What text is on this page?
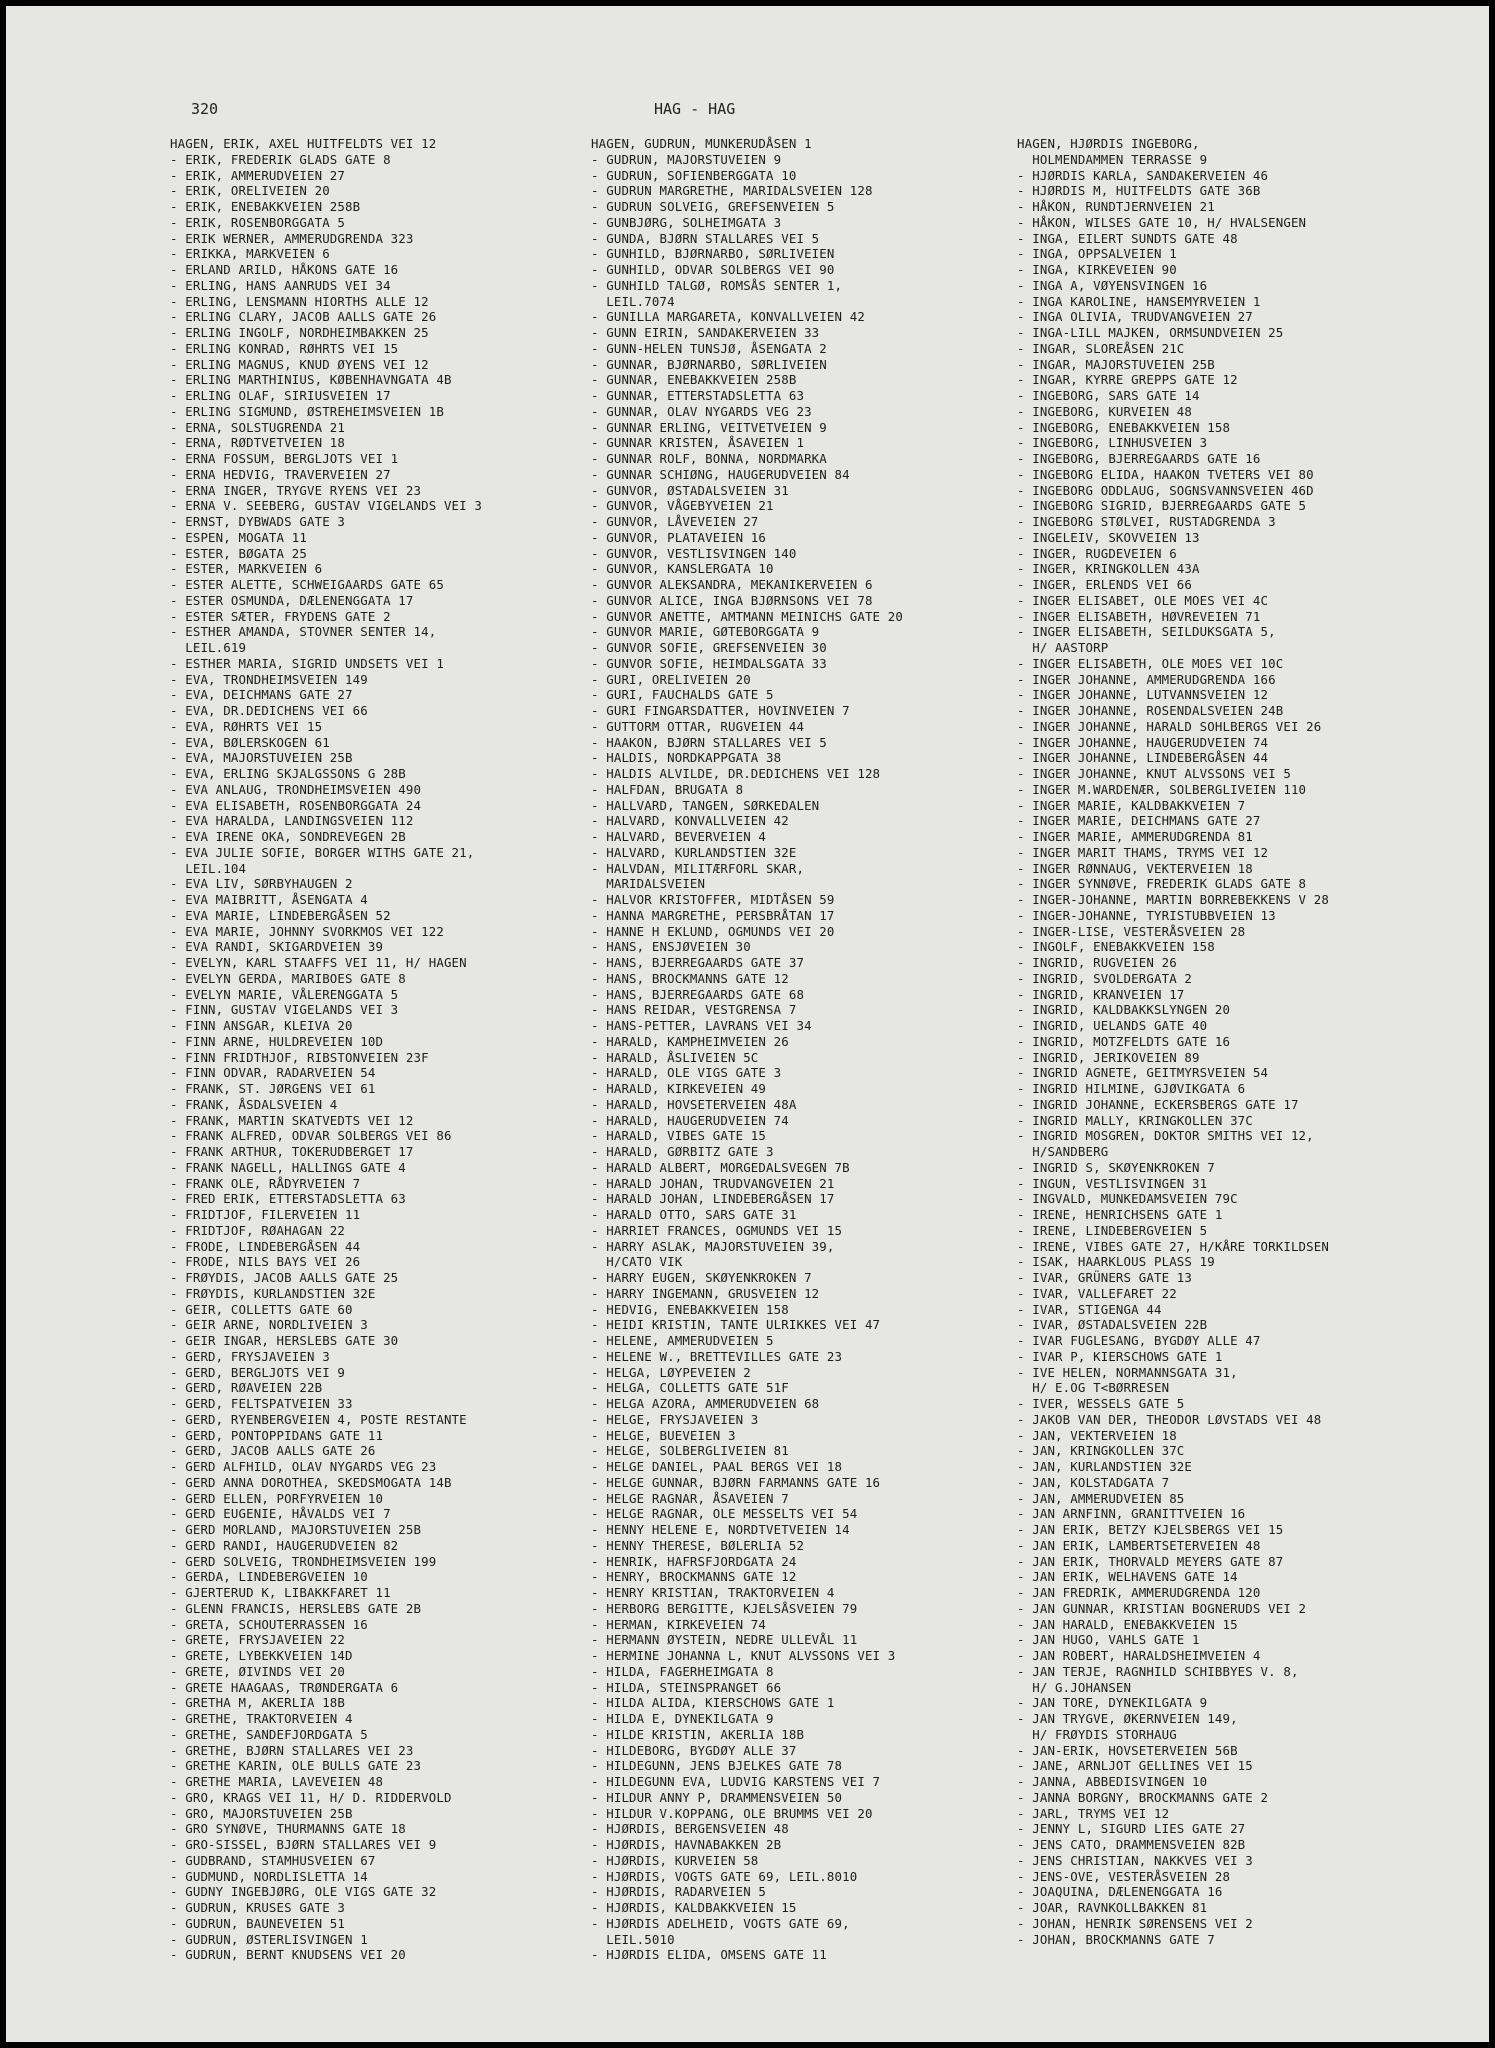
320	HAG - HAG
HAGEN, ERIK, AXEL HUITFELDTS VEI 12
- ERIK, FREDERIK GLADS GATE 8
- ERIK, AMMERUDVEIEN 27
- ERIK, ORELIVEIEN 20
- ERIK, ENEBAKKVEIEN 258B
- ERIK, ROSENBORGGATA 5
- ERIK WERNER, AMMERUDGRENDA 323
- ERIKKA, MARKVEIEN 6
- ERLAND ARILD, HÅKONS GATE 16
- ERLING, HANS AANRUDS VEI 34
- ERLING, LENSMANN HIORTHS ALLE 12
- ERLING CLARY, JACOB AALLS GATE 26
- ERLING INGOLF, NORDHEIMBAKKEN 25
- ERLING KONRAD, RØHRTS VEI 15
- ERLING MAGNUS, KNUD ØYENS VEI 12
- ERLING MARTHINIUS, KØBENHAVNGATA 4B
- ERLING OLAF, SIRIUSVEIEN 17
- ERLING SIGMUND, ØSTREHEIMSVEIEN 1B
- ERNA, SOLSTUGRENDA 21
- ERNA, RØDTVETVEIEN 18
- ERNA FOSSUM, BERGLJOTS VEI 1
- ERNA HEDVIG, TRAVERVEIEN 27
- ERNA INGER, TRYGVE RYENS VEI 23
- ERNA V. SEEBERG, GUSTAV VIGELANDS VEI 3
- ERNST, DYBWADS GATE 3
- ESPEN, MOGATA 11
- ESTER, BØGATA 25
- ESTER, MARKVEIEN 6
- ESTER ALETTE, SCHWEIGAARDS GATE 65
- ESTER OSMUNDA, DÆLENENGGATA 17
- ESTER SÆTER, FRYDENS GATE 2
- ESTHER AMANDA, STOVNER SENTER 14,
LEIL.619
- ESTHER MARIA, SIGRID UNDSETS VEI 1
- EVA, TRONDHEIMSVEIEN 149
- EVA, DEICHMANS GATE 27
- EVA, DR.DEDICHENS VEI 66
- EVA, RØHRTS VEI 15
- EVA, BØLERSKOGEN 61
- EVA, MAJORSTUVEIEN 25B
- EVA, ERLING SKJALGSSONS G 28B
- EVA ANLAUG, TRONDHEIMSVEIEN 490
- EVA ELISABETH, ROSENBORGGATA 24
- EVA HARALDA, LANDINGSVEIEN 112
- EVA IRENE OKA, SONDREVEGEN 2B
- EVA JULIE SOFIE, BORGER WITHS GATE 21,
LEIL.104
- EVA LIV, SØRBYHAUGEN 2
- EVA MAIBRITT, ÅSENGATA 4
- EVA MARIE, LINDEBERGÅSEN 52
- EVA MARIE, JOHNNY SVORKMOS VEI 122
- EVA RANDI, SKIGARDVEIEN 39
- EVELYN, KARL STAAFFS VEI 11, H/ HAGEN
- EVELYN GERDA, MARIBOES GATE 8
- EVELYN MARIE, VÅLERENGGATA 5
- FINN, GUSTAV VIGELANDS VEI 3
- FINN ANSGAR, KLEIVA 20
- FINN ARNE, HULDREVEIEN 10D
- FINN FRIDTHJOF, RIBSTONVEIEN 23F
- FINN ODVAR, RADARVEIEN 54
- FRANK, ST. JØRGENS VEI 61
- FRANK, ÅSDALSVEIEN 4
- FRANK, MARTIN SKATVEDTS VEI 12
- FRANK ALFRED, ODVAR SOLBERGS VEI 86
- FRANK ARTHUR, TOKERUDBERGET 17
- FRANK NAGELL, HALLINGS GATE 4
- FRANK OLE, RÅDYRVEIEN 7
- FRED ERIK, ETTERSTADSLETTA 63
- FRIDTJOF, FILERVEIEN 11
- FRIDTJOF, RØAHAGAN 22
- FRODE, LINDEBERGÅSEN 44
- FRODE, NILS BAYS VEI 26
- FRØYDIS, JACOB AALLS GATE 25
- FRØYDIS, KURLANDSTIEN 32E
- GEIR, COLLETTS GATE 60
- GEIR ARNE, NORDLIVEIEN 3
- GEIR INGAR, HERSLEBS GATE 30
- GERD, FRYSJAVEIEN 3
- GERD, BERGLJOTS VEI 9
- GERD, RØAVEIEN 22B
- GERD, FELTSPATVEIEN 33
- GERD, RYENBERGVEIEN 4, POSTE RESTANTE
- GERD, PONTOPPIDANS GATE 11
- GERD, JACOB AALLS GATE 26
- GERD ALFHILD, OLAV NYGARDS VEG 23
- GERD ANNA DOROTHEA, SKEDSMOGATA 14B
- GERD ELLEN, PORFYRVEIEN 10
- GERD EUGENIE, HÅVALDS VEI 7
- GERD MORLAND, MAJORSTUVEIEN 25B
- GERD RANDI, HAUGERUDVEIEN 82
- GERD SOLVEIG, TRONDHEIMSVEIEN 199
- GERDA, LINDEBERGVEIEN 10
- GJERTERUD K, LIBAKKFARET 11
- GLENN FRANCIS, HERSLEBS GATE 2B
- GRETA, SCHOUTERRASSEN 16
- GRETE, FRYSJAVEIEN 22
- GRETE, LYBEKKVEIEN 14D
- GRETE, ØIVINDS VEI 20
- GRETE HAAGAAS, TRØNDERGATA 6
- GRETHA M, AKERLIA 18B
- GRETHE, TRAKTORVEIEN 4
- GRETHE, SANDEFJORDGATA 5
- GRETHE, BJØRN STALLARES VEI 23
- GRETHE KARIN, OLE BULLS GATE 23
- GRETHE MARIA, LAVEVEIEN 48
- GRO, KRAGS VEI 11, H/ D. RIDDERVOLD
- GRO, MAJORSTUVEIEN 25B
- GRO SYNØVE, THURMANNS GATE 18
- GRO-SISSEL, BJØRN STALLARES VEI 9
- GUDBRAND, STAMHUSVEIEN 67
- GUDMUND, NORDLISLETTA 14
- GUDNY INGEBJØRG, OLE VIGS GATE 32
- GUDRUN, KRUSES GATE 3
- GUDRUN, BAUNEVEIEN 51
- GUDRUN, ØSTERLISVINGEN 1
- GUDRUN, BERNT KNUDSENS VEI 20
HAGEN, GUDRUN, MUNKERUDÅSEN 1
- GUDRUN, MAJORSTUVEIEN 9
- GUDRUN, SOFIENBERGGATA 10
- GUDRUN MARGRETHE, MARIDALSVEIEN 128
- GUDRUN SOLVEIG, GREFSENVEIEN 5
- GUNBJØRG, SOLHEIMGATA 3
- GUNDA, BJØRN STALLARES VEI 5
- GUNHILD, BJØRNARBO, SØRLIVEIEN
- GUNHILD, ODVAR SOLBERGS VEI 90
- GUNHILD TALGØ, ROMSÅS SENTER 1,
LEIL.7074
- GUNILLA MARGARETA, KONVALLVEIEN 42
- GUNN EIRIN, SANDAKERVEIEN 33
- GUNN-HELEN TUNSJØ, ÅSENGATA 2
- GUNNAR, BJØRNARBO, SØRLIVEIEN
- GUNNAR, ENEBAKKVEIEN 258B
- GUNNAR, ETTERSTADSLETTA 63
- GUNNAR, OLAV NYGARDS VEG 23
- GUNNAR ERLING, VEITVETVEIEN 9
- GUNNAR KRISTEN, ÅSAVEIEN 1
- GUNNAR ROLF, BONNA, NORDMARKA
- GUNNAR SCHIØNG, HAUGERUDVEIEN 84
- GUNVOR, ØSTADALSVEIEN 31
- GUNVOR, VÅGEBYVEIEN 21
- GUNVOR, LÅVEVEIEN 27
- GUNVOR, PLATAVEIEN 16
- GUNVOR, VESTLISVINGEN 140
- GUNVOR, KANSLERGATA 10
- GUNVOR ALEKSANDRA, MEKANIKERVEIEN 6
- GUNVOR ALICE, INGA BJØRNSONS VEI 78
- GUNVOR ANETTE, AMTMANN MEINICHS GATE 20
- GUNVOR MARIE, GØTEBORGGATA 9
- GUNVOR SOFIE, GREFSENVEIEN 30
- GUNVOR SOFIE, HEIMDALSGATA 33
- GURI, ORELIVEIEN 20
- GURI, FAUCHALDS GATE 5
- GURI FINGARSDATTER, HOVINVEIEN 7
- GUTTORM OTTAR, RUGVEIEN 44
- HAAKON, BJØRN STALLARES VEI 5
- HALDIS, NORDKAPPGATA 38
- HALDIS ALVILDE, DR.DEDICHENS VEI 128
- HALFDAN, BRUGATA 8
- HALLVARD, TANGEN, SØRKEDALEN
- HALVARD, KONVALLVEIEN 42
- HALVARD, BEVERVEIEN 4
- HALVARD, KURLANDSTIEN 32E
- HALVDAN, MILITÆRFORL SKAR,
MARIDALSVEIEN
- HALVOR KRISTOFFER, MIDTÅSEN 59
- HANNA MARGRETHE, PERSBRÅTAN 17
- HANNE H EKLUND, OGMUNDS VEI 20
- HANS, ENSJØVEIEN 30
- HANS, BJERREGAARDS GATE 37
- HANS, BROCKMANNS GATE 12
- HANS, BJERREGAARDS GATE 68
- HANS REIDAR, VESTGRENSA 7
- HANS-PETTER, LAVRANS VEI 34
- HARALD, KAMPHEIMVEIEN 26
- HARALD, ÅSLIVEIEN 5C
- HARALD, OLE VIGS GATE 3
- HARALD, KIRKEVEIEN 49
- HARALD, HOVSETERVEIEN 48A
- HARALD, HAUGERUDVEIEN 74
- HARALD, VIBES GATE 15
- HARALD, GØRBITZ GATE 3
- HARALD ALBERT, MORGEDALSVEGEN 7B
- HARALD JOHAN, TRUDVANGVEIEN 21
- HARALD JOHAN, LINDEBERGÅSEN 17
- HARALD OTTO, SARS GATE 31
- HARRIET FRANCES, OGMUNDS VEI 15
- HARRY ASLAK, MAJORSTUVEIEN 39,
H/CATO VIK
- HARRY EUGEN, SKØYENKROKEN 7
- HARRY INGEMANN, GRUSVEIEN 12
- HEDVIG, ENEBAKKVEIEN 158
- HEIDI KRISTIN, TANTE ULRIKKES VEI 47
- HELENE, AMMERUDVEIEN 5
- HELENE W., BRETTEVILLES GATE 23
- HELGA, LØYPEVEIEN 2
- HELGA, COLLETTS GATE 51F
- HELGA AZORA, AMMERUDVEIEN 68
- HELGE, FRYSJAVEIEN 3
- HELGE, BUEVEIEN 3
- HELGE, SOLBERGLIVEIEN 81
- HELGE DANIEL, PAAL BERGS VEI 18
- HELGE GUNNAR, BJØRN FARMANNS GATE 16
- HELGE RAGNAR, ÅSAVEIEN 7
- HELGE RAGNAR, OLE MESSELTS VEI 54
- HENNY HELENE E, NORDTVETVEIEN 14
- HENNY THERESE, BØLERLIA 52
- HENRIK, HAFRSFJORDGATA 24
- HENRY, BROCKMANNS GATE 12
- HENRY KRISTIAN, TRAKTORVEIEN 4
- HERBORG BERGITTE, KJELSÅSVEIEN 79
- HERMAN, KIRKEVEIEN 74
- HERMANN ØYSTEIN, NEDRE ULLEVÅL 11
- HERMINE JOHANNA L, KNUT ALVSSONS VEI 3
- HILDA, FAGERHEIMGATA 8
- HILDA, STEINSPRANGET 66
- HILDA ALIDA, KIERSCHOWS GATE 1
- HILDA E, DYNEKILGATA 9
- HILDE KRISTIN, AKERLIA 18B
- HILDEBORG, BYGDØY ALLE 37
- HILDEGUNN, JENS BJELKES GATE 78
- HILDEGUNN EVA, LUDVIG KARSTENS VEI 7
- HILDUR ANNY P, DRAMMENSVEIEN 50
- HILDUR V.KOPPANG, OLE BRUMMS VEI 20
- HJØRDIS, BERGENSVEIEN 48
- HJØRDIS, HAVNABAKKEN 2B
- HJØRDIS, KURVEIEN 58
- HJØRDIS, VOGTS GATE 69, LEIL.8010
- HJØRDIS, RADARVEIEN 5
- HJØRDIS, KALDBAKKVEIEN 15
- HJØRDIS ADELHEID, VOGTS GATE 69,
LEIL.5010
- HJØRDIS ELIDA, OMSENS GATE 11
HAGEN, HJØRDIS INGEBORG,
HOLMENDAMMEN TERRASSE 9
- HJØRDIS KARLA, SANDAKERVEIEN 46
- HJØRDIS M, HUITFELDTS GATE 36B
- HÅKON, RUNDTJERNVEIEN 21
- HÅKON, WILSES GATE 10, H/ HVALSENGEN
- INGA, EILERT SUNDTS GATE 48
- INGA, OPPSALVEIEN 1
- INGA, KIRKEVEIEN 90
- INGA A, VØYENSVINGEN 16
- INGA KAROLINE, HANSEMYRVEIEN 1
- INGA OLIVIA, TRUDVANGVEIEN 27
- INGA-LILL MAJKEN, ORMSUNDVEIEN 25
- INGAR, SLOREÅSEN 21C
- INGAR, MAJORSTUVEIEN 25B
- INGAR, KYRRE GREPPS GATE 12
- INGEBORG, SARS GATE 14
- INGEBORG, KURVEIEN 48
- INGEBORG, ENEBAKKVEIEN 158
- INGEBORG, LINHUSVEIEN 3
- INGEBORG, BJERREGAARDS GATE 16
- INGEBORG ELIDA, HAAKON TVETERS VEI 80
- INGEBORG ODDLAUG, SOGNSVANNSVEIEN 46D
- INGEBORG SIGRID, BJERREGAARDS GATE 5
- INGEBORG STØLVEI, RUSTADGRENDA 3
- INGELEIV, SKOVVEIEN 13
- INGER, RUGDEVEIEN 6
- INGER, KRINGKOLLEN 43A
- INGER, ERLENDS VEI 66
- INGER ELISABET, OLE MOES VEI 4C
- INGER ELISABETH, HØVREVEIEN 71
- INGER ELISABETH, SEILDUKSGATA 5,
H/ AASTORP
- INGER ELISABETH, OLE MOES VEI 10C
- INGER JOHANNE, AMMERUDGRENDA 166
- INGER JOHANNE, LUTVANNSVEIEN 12
- INGER JOHANNE, ROSENDALSVEIEN 24B
- INGER JOHANNE, HARALD SOHLBERGS VEI 26
- INGER JOHANNE, HAUGERUDVEIEN 74
- INGER JOHANNE, LINDEBERGÅSEN 44
- INGER JOHANNE, KNUT ALVSSONS VEI 5
- INGER M.WARDENÆR, SOLBERGLIVEIEN 110
- INGER MARIE, KALDBAKKVEIEN 7
- INGER MARIE, DEICHMANS GATE 27
- INGER MARIE, AMMERUDGRENDA 81
- INGER MARIT THAMS, TRYMS VEI 12
- INGER RØNNAUG, VEKTERVEIEN 18
- INGER SYNNØVE, FREDERIK GLADS GATE 8
- INGER-JOHANNE, MARTIN BORREBEKKENS V 28
- INGER-JOHANNE, TYRISTUBBVEIEN 13
- INGER-LISE, VESTERÅSVEIEN 28
- INGOLF, ENEBAKKVEIEN 158
- INGRID, RUGVEIEN 26
- INGRID, SVOLDERGATA 2
- INGRID, KRANVEIEN 17
- INGRID, KALDBAKKSLYNGEN 20
- INGRID, UELANDS GATE 40
- INGRID, MOTZFELDTS GATE 16
- INGRID, JERIKOVEIEN 89
- INGRID AGNETE, GEITMYRSVEIEN 54
- INGRID HILMINE, GJØVIKGATA 6
- INGRID JOHANNE, ECKERSBERGS GATE 17
- INGRID MALLY, KRINGKOLLEN 37C
- INGRID MOSGREN, DOKTOR SMITHS VEI 12,
H/SANDBERG
- INGRID S, SKØYENKROKEN 7
- INGUN, VESTLISVINGEN 31
- INGVALD, MUNKEDAMSVEIEN 79C
- IRENE, HENRICHSENS GATE 1
- IRENE, LINDEBERGVEIEN 5
- IRENE, VIBES GATE 27, H/KÅRE TORKILDSEN
- ISAK, HAARKLOUS PLASS 19
- IVAR, GRÜNERS GATE 13
- IVAR, VALLEFARET 22
- IVAR, STIGENGA 44
- IVAR, ØSTADALSVEIEN 22B
- IVAR FUGLESANG, BYGDØY ALLE 47
- IVAR P, KIERSCHOWS GATE 1
- IVE HELEN, NORMANNSGATA 31,
H/ E.OG T<BØRRESEN
- IVER, WESSELS GATE 5
- JAKOB VAN DER, THEODOR LØVSTADS VEI 48
- JAN, VEKTERVEIEN 18
- JAN, KRINGKOLLEN 37C
- JAN, KURLANDSTIEN 32E
- JAN, KOLSTADGATA 7
- JAN, AMMERUDVEIEN 85
- JAN ARNFINN, GRANITTVEIEN 16
- JAN ERIK, BETZY KJELSBERGS VEI 15
- JAN ERIK, LAMBERTSETERVEIEN 48
- JAN ERIK, THORVALD MEYERS GATE 87
- JAN ERIK, WELHAVENS GATE 14
- JAN FREDRIK, AMMERUDGRENDA 120
- JAN GUNNAR, KRISTIAN BOGNERUDS VEI 2
- JAN HARALD, ENEBAKKVEIEN 15
- JAN HUGO, VAHLS GATE 1
- JAN ROBERT, HARALDSHEIMVEIEN 4
- JAN TERJE, RAGNHILD SCHIBBYES V. 8,
H/ G.JOHANSEN
- JAN TORE, DYNEKILGATA 9
- JAN TRYGVE, ØKERNVEIEN 149,
H/ FRØYDIS STORHAUG
- JAN-ERIK, HOVSETERVEIEN 56B
- JANE, ARNLJOT GELLINES VEI 15
- JANNA, ABBEDISVINGEN 10
- JANNA BORGNY, BROCKMANNS GATE 2
- JARL, TRYMS VEI 12
- JENNY L, SIGURD LIES GATE 27
- JENS CATO, DRAMMENSVEIEN 82B
- JENS CHRISTIAN, NAKKVES VEI 3
- JENS-OVE, VESTERÅSVEIEN 28
- JOAQUINA, DÆLENENGGATA 16
- JOAR, RAVNKOLLBAKKEN 81
- JOHAN, HENRIK SØRENSENS VEI 2
- JOHAN, BROCKMANNS GATE 7
